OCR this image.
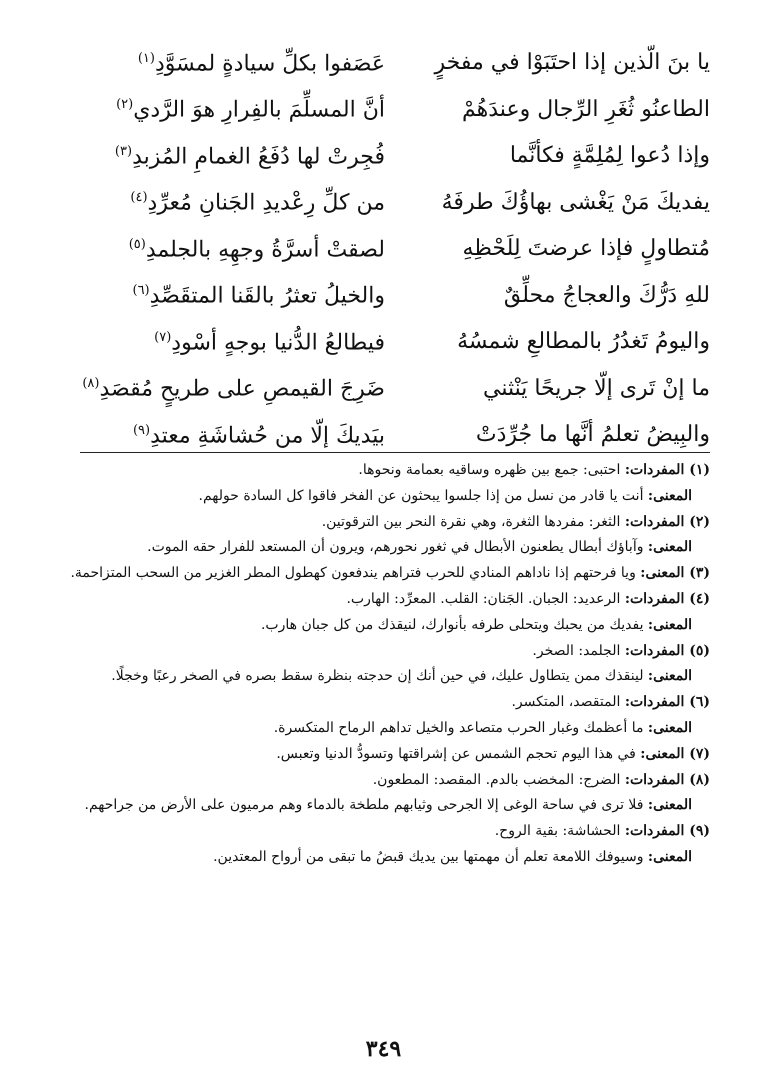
يا بنَ الّذين إذا احتَبَوْا في مفخرٍ
عَصَفوا بكلِّ سيادةٍ لمسَوَّدِ$^{(١)}$
الطاعنُو ثُغَرِ الرِّجال وعندَهُمْ
أنَّ المسلِّمَ بالفِرارِ هوَ الرَّدي$^{(٢)}$
وإذا دُعوا لِمُلِمَّةٍ فكأنَّما
فُجِرتْ لها دُفَعُ الغمامِ المُزبدِ$^{(٣)}$
يفديكَ مَنْ يَغْشى بهاؤُكَ طرفَهُ
من كلِّ رِعْديدِ الجَنانِ مُعرِّدِ$^{(٤)}$
مُتطاولٍ فإذا عرضتَ لِلَحْظِهِ
لصقتْ أسرَّةُ وجهِهِ بالجلمدِ$^{(٥)}$
للهِ دَرُّكَ والعجاجُ محلِّقٌ
والخيلُ تعثرُ بالقَنا المتقَصِّدِ$^{(٦)}$
واليومُ تَغدُرُ بالمطالعِ شمسُهُ
فيطالعُ الدُّنيا بوجهٍ أسْودِ$^{(٧)}$
ما إنْ تَرى إلّا جريحًا يَنْثني
ضَرِجَ القيمصِ على طريحٍ مُقصَدِ$^{(٨)}$
والبِيضُ تعلمُ أنَّها ما جُرِّدَتْ
بيَديكَ إلّا من حُشاشَةِ معتدِ$^{(٩)}$

(١) المفردات: احتبى: جمع بين ظهره وساقيه بعمامة ونحوها.

المعنى: أنت يا قادر من نسل من إذا جلسوا يبحثون عن الفخر فاقوا كل السادة حولهم.

(٢) المفردات: الثغر: مفردها الثغرة، وهي نقرة النحر بين الترقوتين.

المعنى: وآباؤك أبطال يطعنون الأبطال في ثغور نحورهم، ويرون أن المستعد للفرار حقه الموت.

(٣) المعنى: ويا فرحتهم إذا ناداهم المنادي للحرب فتراهم يندفعون كهطول المطر الغزير من السحب المتزاحمة.

(٤) المفردات: الرعديد: الجبان. الجَنان: القلب. المعرِّد: الهارب.

المعنى: يفديك من يحبك ويتحلى طرفه بأنوارك، لنيقذك من كل جبان هارب.

(٥) المفردات: الجلمد: الصخر.

المعنى: لينقذك ممن يتطاول عليك، في حين أنك إن حدجته بنظرة سقط بصره في الصخر رعبًا وخجلًا.

(٦) المفردات: المتقصد، المتكسر.

المعنى: ما أعظمك وغبار الحرب متصاعد والخيل تداهم الرماح المتكسرة.

(٧) المعنى: في هذا اليوم تحجم الشمس عن إشراقتها وتسودُّ الدنيا وتعبس.

(٨) المفردات: الضرج: المخضب بالدم. المقصد: المطعون.

المعنى: فلا ترى في ساحة الوغى إلا الجرحى وثيابهم ملطخة بالدماء وهم مرميون على الأرض من جراحهم.

(٩) المفردات: الحشاشة: بقية الروح.

المعنى: وسيوفك اللامعة تعلم أن مهمتها بين يديك قبضُ ما تبقى من أرواح المعتدين.

٣٤٩
